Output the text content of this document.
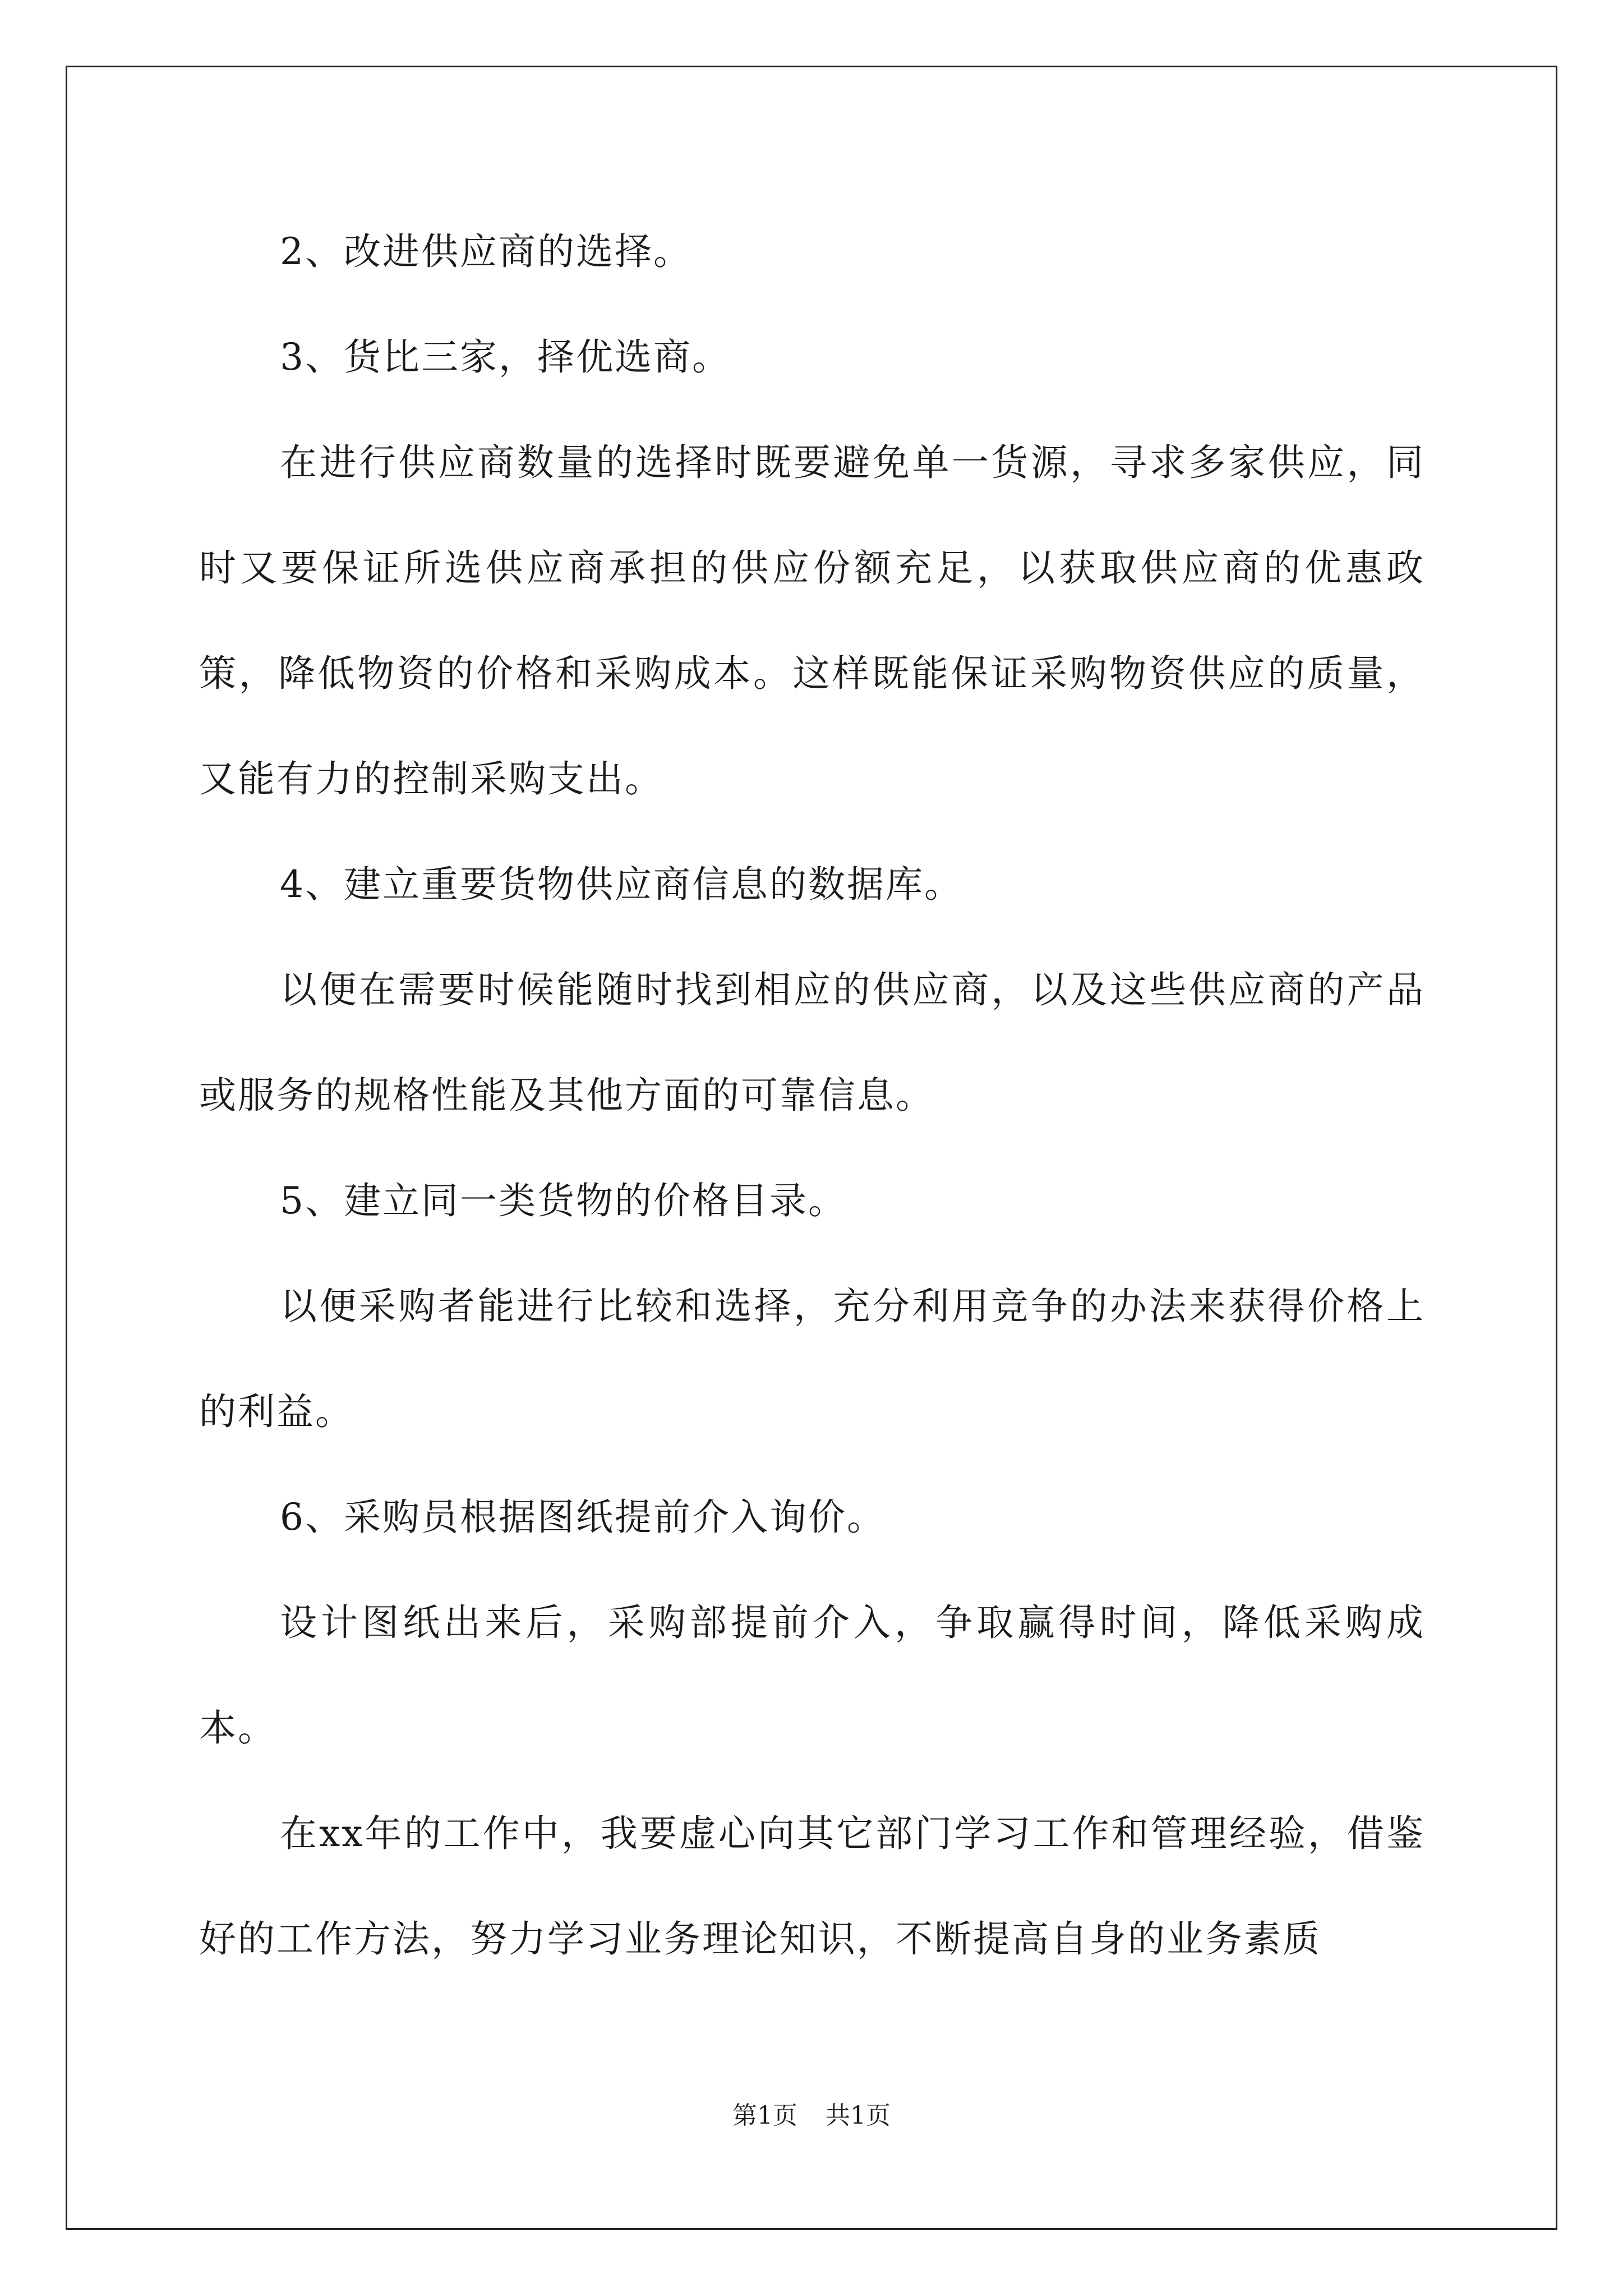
2、改进供应商的选择。

3、货比三家，择优选商。

在进行供应商数量的选择时既要避免单一货源，寻求多家供应，同时又要保证所选供应商承担的供应份额充足，以获取供应商的优惠政策，降低物资的价格和采购成本。这样既能保证采购物资供应的质量，又能有力的控制采购支出。

4、建立重要货物供应商信息的数据库。

以便在需要时候能随时找到相应的供应商，以及这些供应商的产品或服务的规格性能及其他方面的可靠信息。

5、建立同一类货物的价格目录。

以便采购者能进行比较和选择，充分利用竞争的办法来获得价格上的利益。

6、采购员根据图纸提前介入询价。

设计图纸出来后，采购部提前介入，争取赢得时间，降低采购成本。

在xx年的工作中，我要虚心向其它部门学习工作和管理经验，借鉴好的工作方法，努力学习业务理论知识，不断提高自身的业务素质

第1页 共1页
